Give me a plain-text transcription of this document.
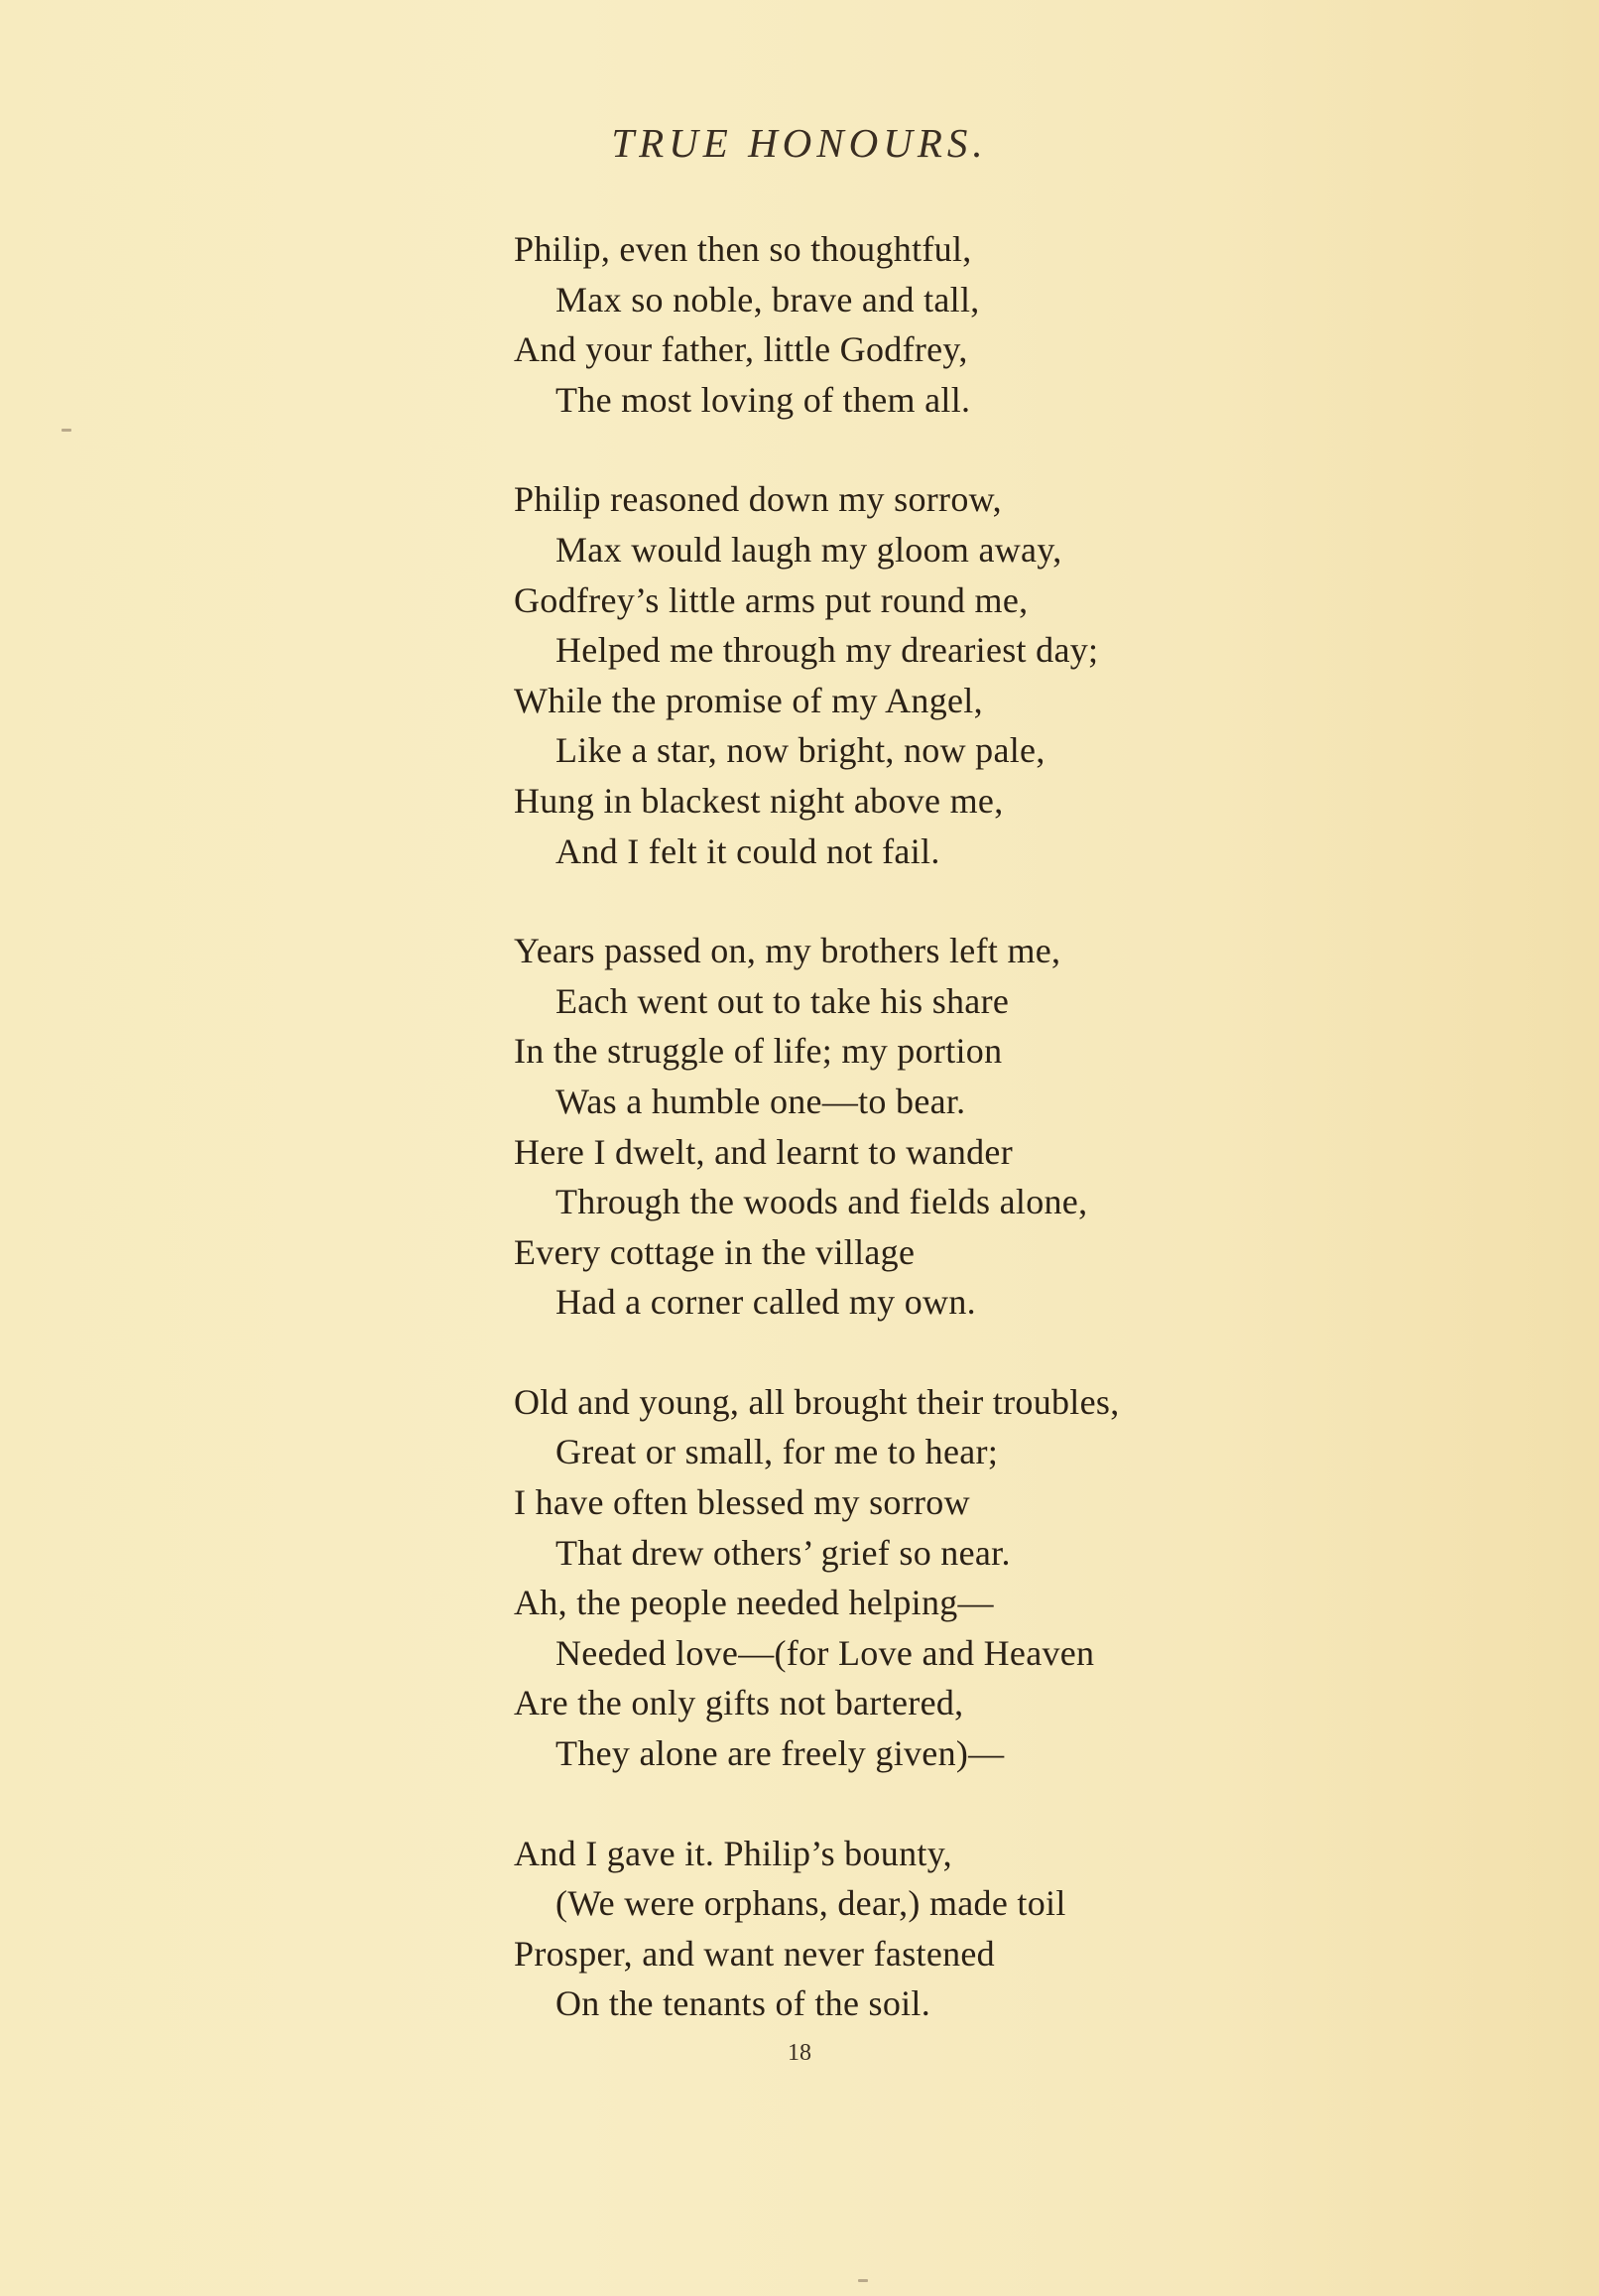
TRUE HONOURS.
Philip, even then so thoughtful,
Max so noble, brave and tall,
And your father, little Godfrey,
The most loving of them all.
Philip reasoned down my sorrow,
Max would laugh my gloom away,
Godfrey’s little arms put round me,
Helped me through my dreariest day;
While the promise of my Angel,
Like a star, now bright, now pale,
Hung in blackest night above me,
And I felt it could not fail.
Years passed on, my brothers left me,
Each went out to take his share
In the struggle of life; my portion
Was a humble one—to bear.
Here I dwelt, and learnt to wander
Through the woods and fields alone,
Every cottage in the village
Had a corner called my own.
Old and young, all brought their troubles,
Great or small, for me to hear;
I have often blessed my sorrow
That drew others’ grief so near.
Ah, the people needed helping—
Needed love—(for Love and Heaven
Are the only gifts not bartered,
They alone are freely given)—
And I gave it. Philip’s bounty,
(We were orphans, dear,) made toil
Prosper, and want never fastened
On the tenants of the soil.
18
